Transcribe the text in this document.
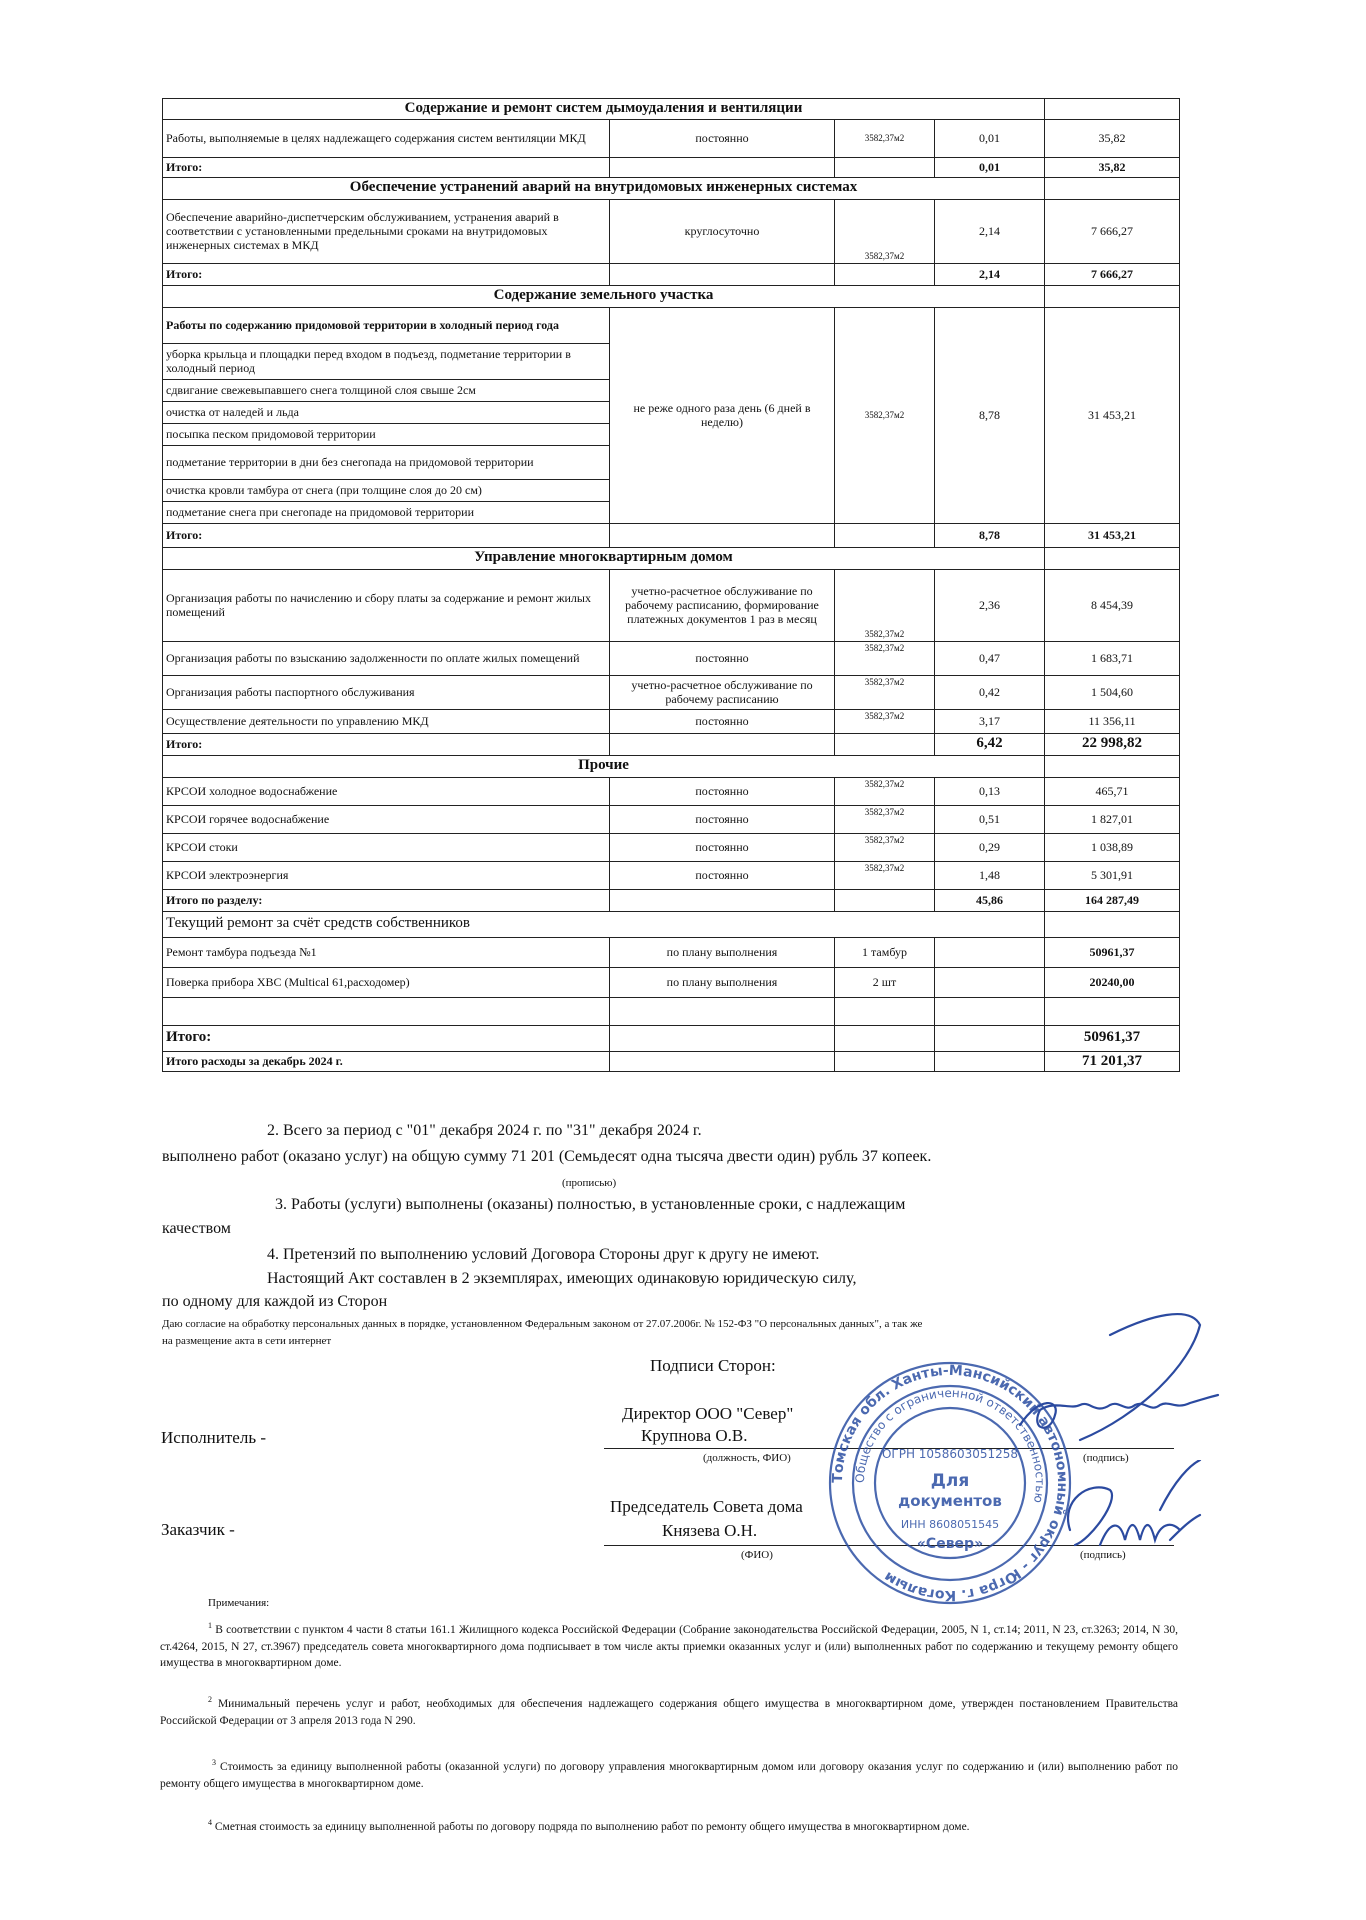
Содержание и ремонт систем дымоудаления и вентиляции				
Работы, выполняемые в целях надлежащего содержания систем вентиляции МКД	постоянно	3582,37м2	0,01	35,82
Итого:			0,01	35,82
Обеспечение устранений аварий на внутридомовых инженерных системах				
Обеспечение аварийно-диспетчерским обслуживанием, устранения аварий в соответствии с установленными предельными сроками на внутридомовых инженерных системах в МКД	круглосуточно	3582,37м2	2,14	7 666,27
Итого:			2,14	7 666,27
Содержание земельного участка				
Работы по содержанию придомовой территории в холодный период года	не реже одного раза день (6 дней в неделю)	3582,37м2	8,78	31 453,21
уборка крыльца и площадки перед входом в подъезд, подметание территории в холодный период				
сдвигание свежевыпавшего снега толщиной слоя свыше 2см				
очистка от наледей и льда				
посыпка песком придомовой территории				
подметание территории в дни без снегопада на придомовой территории				
очистка кровли тамбура от снега (при толщине слоя до 20 см)				
подметание снега при снегопаде на придомовой территории				
Итого:			8,78	31 453,21
Управление многоквартирным домом				
Организация работы по начислению и сбору платы за содержание и ремонт жилых помещений	учетно-расчетное обслуживание по рабочему расписанию, формирование платежных документов 1 раз в месяц	3582,37м2	2,36	8 454,39
Организация работы по взысканию задолженности по оплате жилых помещений	постоянно	3582,37м2	0,47	1 683,71
Организация работы паспортного обслуживания	учетно-расчетное обслуживание по рабочему расписанию	3582,37м2	0,42	1 504,60
Осуществление деятельности по управлению МКД	постоянно	3582,37м2	3,17	11 356,11
Итого:			6,42	22 998,82
Прочие				
КРСОИ холодное водоснабжение	постоянно	3582,37м2	0,13	465,71
КРСОИ горячее водоснабжение	постоянно	3582,37м2	0,51	1 827,01
КРСОИ стоки	постоянно	3582,37м2	0,29	1 038,89
КРСОИ электроэнергия	постоянно	3582,37м2	1,48	5 301,91
Итого по разделу:			45,86	164 287,49
Текущий ремонт за счёт средств собственников				
Ремонт тамбура подъезда №1	по плану выполнения	1 тамбур		50961,37
Поверка прибора ХВС (Multical 61,расходомер)	по плану выполнения	2 шт		20240,00

Итого:				50961,37
Итого расходы за декабрь 2024 г.				71 201,37
2. Всего за период с "01" декабря 2024 г. по "31" декабря 2024 г.
выполнено работ (оказано услуг) на общую сумму 71 201 (Семьдесят одна тысяча двести один) рубль 37 копеек.
(прописью)
3. Работы (услуги) выполнены (оказаны) полностью, в установленные сроки, с надлежащим
качеством
4. Претензий по выполнению условий Договора Стороны друг к другу не имеют.
Настоящий Акт составлен в 2 экземплярах, имеющих одинаковую юридическую силу,
по одному для каждой из Сторон
Даю согласие на обработку персональных данных в порядке, установленном Федеральным законом от 27.07.2006г. № 152-ФЗ "О персональных данных", а так же
на размещение акта в сети интернет
Подписи Сторон:
Исполнитель -
Директор ООО "Север"
Крупнова О.В.
(должность, ФИО)	(подпись)
Заказчик -
Председатель Совета дома
Князева О.Н.
(ФИО)	(подпись)
Томская обл. Ханты-Мансийский автономный округ - Югра г. Когалым
Общество с ограниченной ответственностью
ОГРН 1058603051258
Для
документов
ИНН 8608051545
«Север»
Примечания:
$^1$ В соответствии с пунктом 4 части 8 статьи 161.1 Жилищного кодекса Российской Федерации (Собрание законодательства Российской Федерации, 2005, N 1, ст.14; 2011, N 23, ст.3263; 2014, N 30, ст.4264, 2015, N 27, ст.3967) председатель совета многоквартирного дома подписывает в том числе акты приемки оказанных услуг и (или) выполненных работ по содержанию и текущему ремонту общего имущества в многоквартирном доме.
$^2$ Минимальный перечень услуг и работ, необходимых для обеспечения надлежащего содержания общего имущества в многоквартирном доме, утвержден постановлением Правительства Российской Федерации от 3 апреля 2013 года N 290.
$^3$ Стоимость за единицу выполненной работы (оказанной услуги) по договору управления многоквартирным домом или договору оказания услуг по содержанию и (или) выполнению работ по ремонту общего имущества в многоквартирном доме.
$^4$ Сметная стоимость за единицу выполненной работы по договору подряда по выполнению работ по ремонту общего имущества в многоквартирном доме.
